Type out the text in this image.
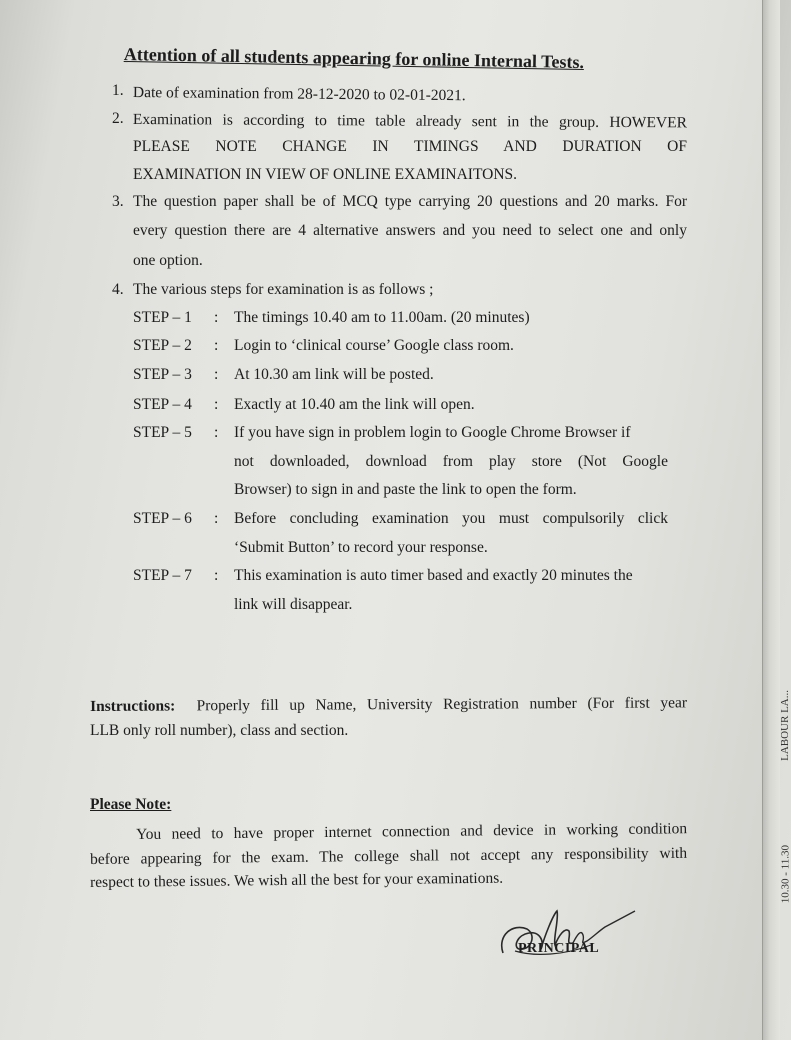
Attention of all students appearing for online Internal Tests.
1. Date of examination from 28-12-2020 to 02-01-2021.
2. Examination is according to time table already sent in the group. HOWEVER
PLEASE NOTE CHANGE IN TIMINGS AND DURATION OF
EXAMINATION IN VIEW OF ONLINE EXAMINAITONS.
3. The question paper shall be of MCQ type carrying 20 questions and 20 marks. For
every question there are 4 alternative answers and you need to select one and only
one option.
4. The various steps for examination is as follows ;
STEP – 1 : The timings 10.40 am to 11.00am. (20 minutes)
STEP – 2 : Login to ‘clinical course’ Google class room.
STEP – 3 : At 10.30 am link will be posted.
STEP – 4 : Exactly at 10.40 am the link will open.
STEP – 5 : If you have sign in problem login to Google Chrome Browser if
not downloaded, download from play store (Not Google
Browser) to sign in and paste the link to open the form.
STEP – 6 : Before concluding examination you must compulsorily click
‘Submit Button’ to record your response.
STEP – 7 : This examination is auto timer based and exactly 20 minutes the
link will disappear.
Instructions: Properly fill up Name, University Registration number (For first year
LLB only roll number), class and section.
Please Note:
You need to have proper internet connection and device in working condition
before appearing for the exam. The college shall not accept any responsibility with
respect to these issues. We wish all the best for your examinations.
PRINCIPAL
LABOUR LA...
10.30 - 11.30
